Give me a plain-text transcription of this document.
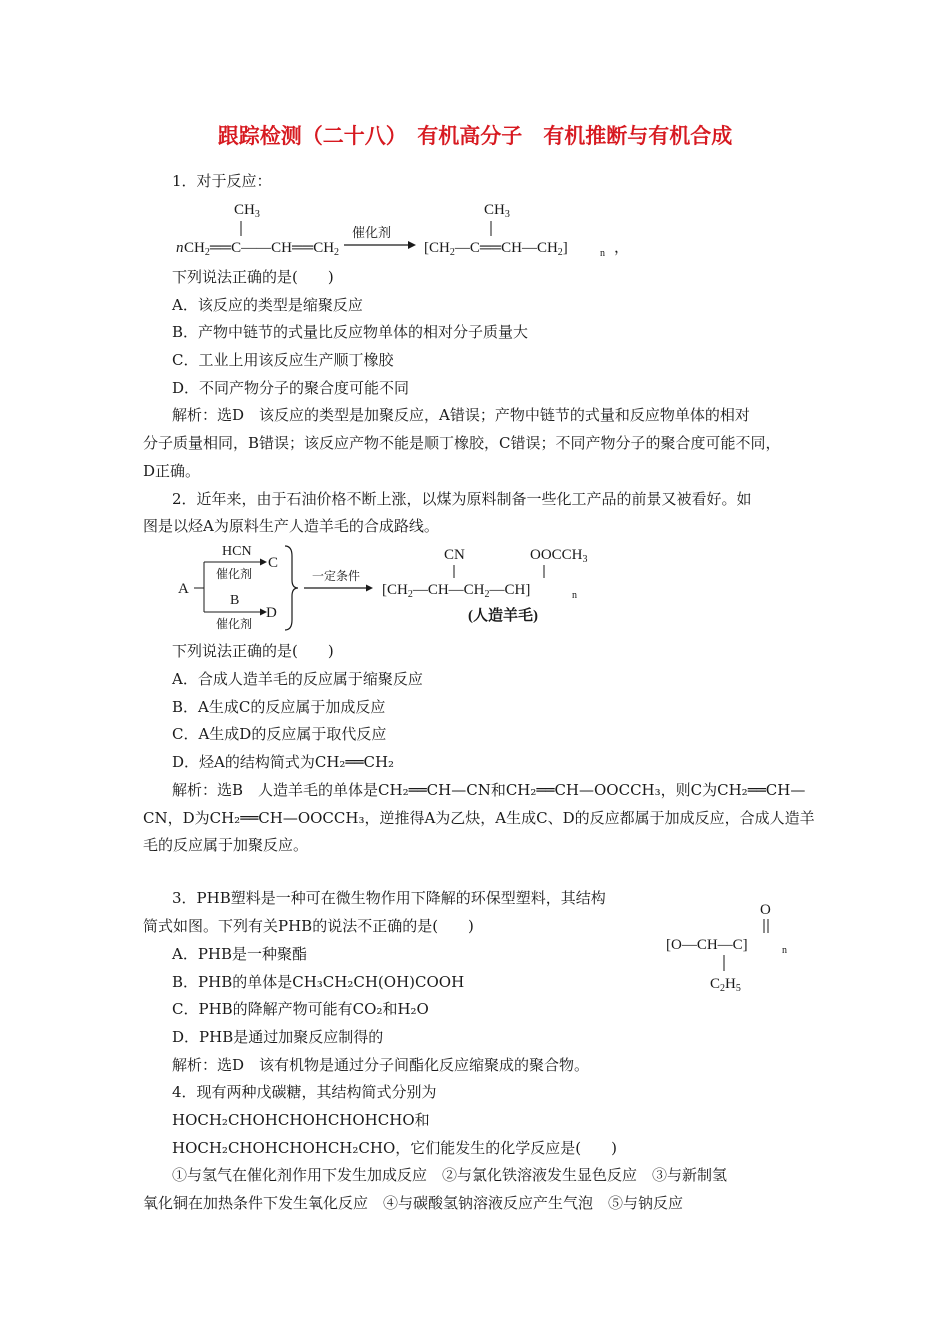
跟踪检测（二十八）　有机高分子　有机推断与有机合成
1．对于反应：
n
$CH_3$
$CH_2══C——CH══CH_2$
催化剂
$CH_3$
$[CH_2—C══CH—CH_2]$	n ，
下列说法正确的是(　　)
A．该反应的类型是缩聚反应
B．产物中链节的式量比反应物单体的相对分子质量大
C．工业上用该反应生产顺丁橡胶
D．不同产物分子的聚合度可能不同
解析：选D　该反应的类型是加聚反应，A错误；产物中链节的式量和反应物单体的相对
分子质量相同，B错误；该反应产物不能是顺丁橡胶，C错误；不同产物分子的聚合度可能不同，
D正确。
2．近年来，由于石油价格不断上涨，以煤为原料制备一些化工产品的前景又被看好。如
图是以烃A为原料生产人造羊毛的合成路线。
A
HCN
催化剂
C
B
催化剂
D
一定条件
CN	$OOCCH_3$
$[CH_2—CH—CH_2—CH]$	n
(人造羊毛)
下列说法正确的是(　　)
A．合成人造羊毛的反应属于缩聚反应
B．A生成C的反应属于加成反应
C．A生成D的反应属于取代反应
D．烃A的结构简式为CH₂══CH₂
解析：选B　人造羊毛的单体是CH₂══CH—CN和CH₂══CH—OOCCH₃，则C为CH₂══CH—
CN，D为CH₂══CH—OOCCH₃，逆推得A为乙炔，A生成C、D的反应都属于加成反应，合成人造羊
毛的反应属于加聚反应。
3．PHB塑料是一种可在微生物作用下降解的环保型塑料，其结构
简式如图。下列有关PHB的说法不正确的是(　　)
O
[O—CH—C]	n
$C_2H_5$
A．PHB是一种聚酯
B．PHB的单体是CH₃CH₂CH(OH)COOH
C．PHB的降解产物可能有CO₂和H₂O
D．PHB是通过加聚反应制得的
解析：选D　该有机物是通过分子间酯化反应缩聚成的聚合物。
4．现有两种戊碳糖，其结构简式分别为
HOCH₂CHOHCHOHCHOHCHO和
HOCH₂CHOHCHOHCH₂CHO，它们能发生的化学反应是(　　)
①与氢气在催化剂作用下发生加成反应　②与氯化铁溶液发生显色反应　③与新制氢
氧化铜在加热条件下发生氧化反应　④与碳酸氢钠溶液反应产生气泡　⑤与钠反应
